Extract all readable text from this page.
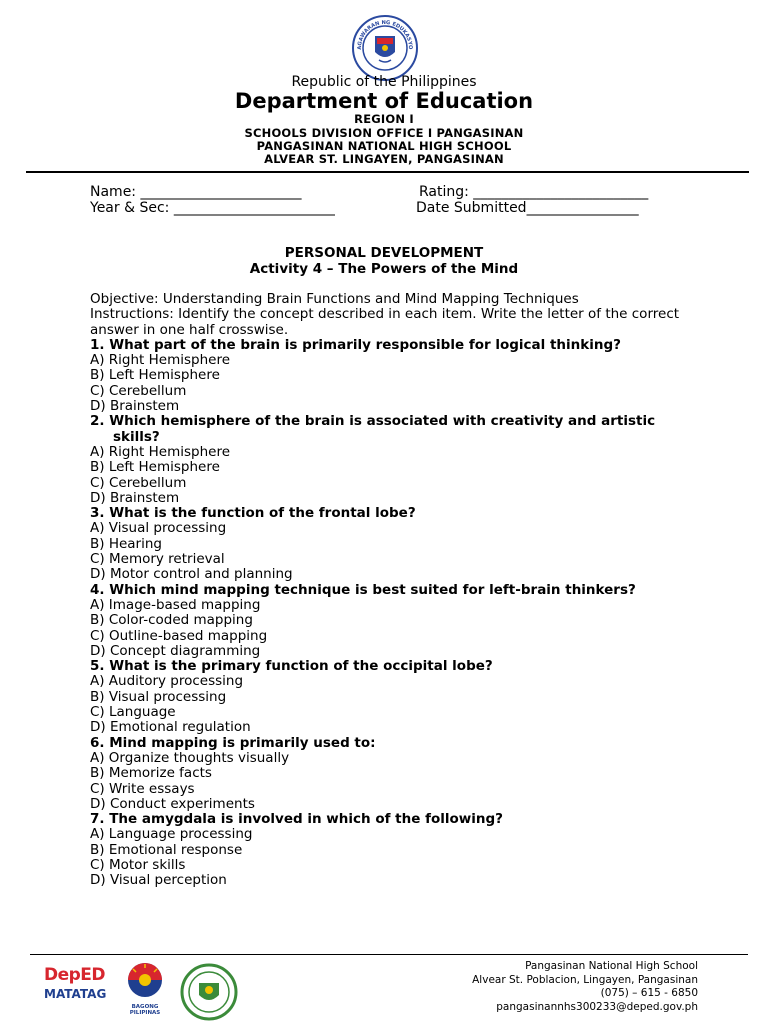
AGAWARAN NG EDUKASYO
Republic of the Philippines
Department of Education
REGION I
SCHOOLS DIVISION OFFICE I PANGASINAN
PANGASINAN NATIONAL HIGH SCHOOL
ALVEAR ST. LINGAYEN, PANGASINAN
Name: _______________________	Rating: _________________________
Year & Sec: _______________________	Date Submitted________________
PERSONAL DEVELOPMENT
Activity 4 – The Powers of the Mind

Objective: Understanding Brain Functions and Mind Mapping Techniques

Instructions: Identify the concept described in each item. Write the letter of the correct answer in one half crosswise.

1. What part of the brain is primarily responsible for logical thinking?

A) Right Hemisphere

B) Left Hemisphere

C) Cerebellum

D) Brainstem

2. Which hemisphere of the brain is associated with creativity and artistic skills?

A) Right Hemisphere

B) Left Hemisphere

C) Cerebellum

D) Brainstem

3. What is the function of the frontal lobe?

A) Visual processing

B) Hearing

C) Memory retrieval

D) Motor control and planning

4. Which mind mapping technique is best suited for left-brain thinkers?

A) Image-based mapping

B) Color-coded mapping

C) Outline-based mapping

D) Concept diagramming

5. What is the primary function of the occipital lobe?

A) Auditory processing

B) Visual processing

C) Language

D) Emotional regulation

6. Mind mapping is primarily used to:

A) Organize thoughts visually

B) Memorize facts

C) Write essays

D) Conduct experiments

7. The amygdala is involved in which of the following?

A) Language processing

B) Emotional response

C) Motor skills

D) Visual perception

DepED
MATATAG
BAGONG PILIPINAS
Pangasinan National High School
Alvear St. Poblacion, Lingayen, Pangasinan
(075) – 615 - 6850
pangasinannhs300233@deped.gov.ph
